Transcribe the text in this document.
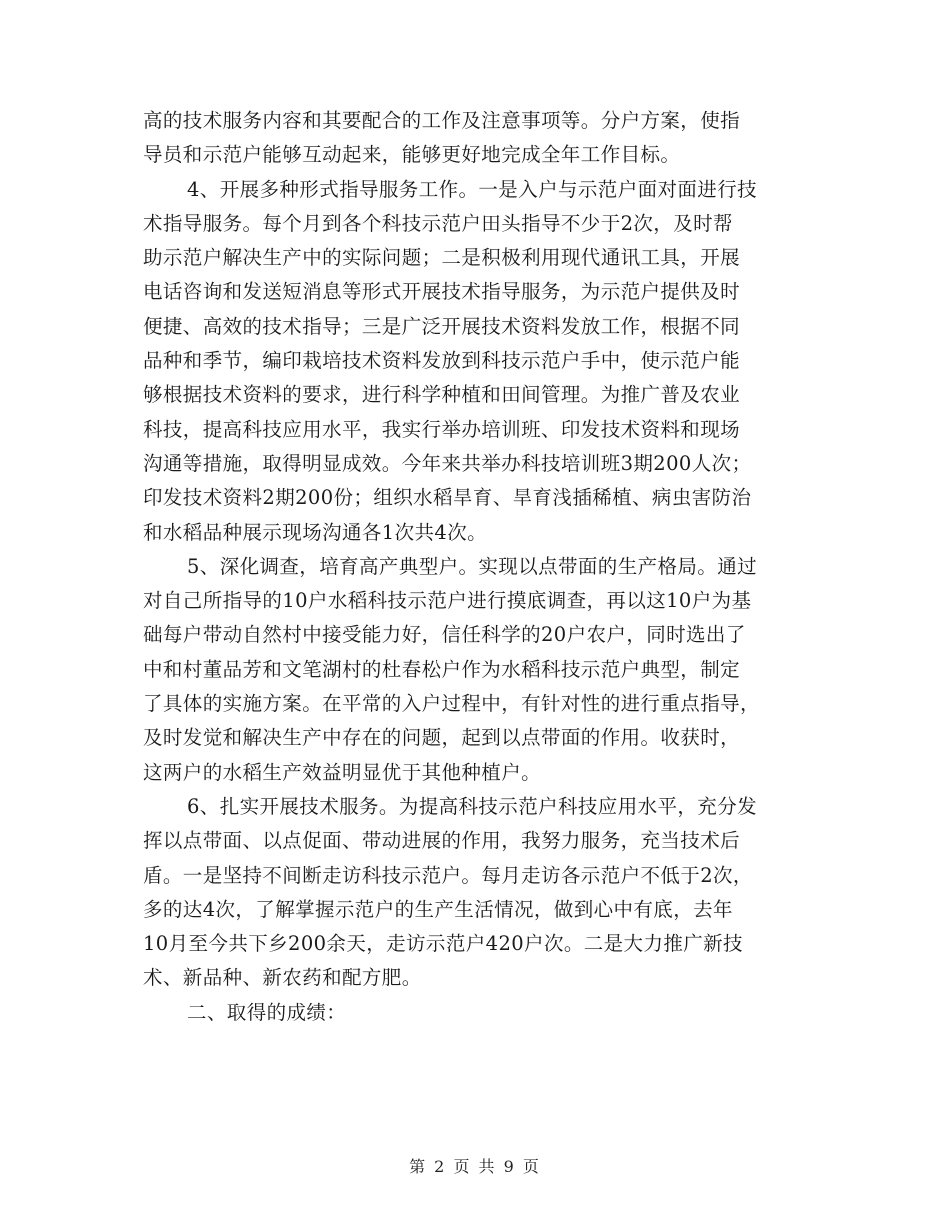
高的技术服务内容和其要配合的工作及注意事项等。分户方案，使指
导员和示范户能够互动起来，能够更好地完成全年工作目标。
4、开展多种形式指导服务工作。一是入户与示范户面对面进行技
术指导服务。每个月到各个科技示范户田头指导不少于2次，及时帮
助示范户解决生产中的实际问题；二是积极利用现代通讯工具，开展
电话咨询和发送短消息等形式开展技术指导服务，为示范户提供及时
便捷、高效的技术指导；三是广泛开展技术资料发放工作，根据不同
品种和季节，编印栽培技术资料发放到科技示范户手中，使示范户能
够根据技术资料的要求，进行科学种植和田间管理。为推广普及农业
科技，提高科技应用水平，我实行举办培训班、印发技术资料和现场
沟通等措施，取得明显成效。今年来共举办科技培训班3期200人次；
印发技术资料2期200份；组织水稻旱育、旱育浅插稀植、病虫害防治
和水稻品种展示现场沟通各1次共4次。
5、深化调查，培育高产典型户。实现以点带面的生产格局。通过
对自己所指导的10户水稻科技示范户进行摸底调查，再以这10户为基
础每户带动自然村中接受能力好，信任科学的20户农户，同时选出了
中和村董品芳和文笔湖村的杜春松户作为水稻科技示范户典型，制定
了具体的实施方案。在平常的入户过程中，有针对性的进行重点指导，
及时发觉和解决生产中存在的问题，起到以点带面的作用。收获时，
这两户的水稻生产效益明显优于其他种植户。
6、扎实开展技术服务。为提高科技示范户科技应用水平，充分发
挥以点带面、以点促面、带动进展的作用，我努力服务，充当技术后
盾。一是坚持不间断走访科技示范户。每月走访各示范户不低于2次，
多的达4次，了解掌握示范户的生产生活情况，做到心中有底，去年
10月至今共下乡200余天，走访示范户420户次。二是大力推广新技
术、新品种、新农药和配方肥。
二、取得的成绩：
第 2 页 共 9 页
